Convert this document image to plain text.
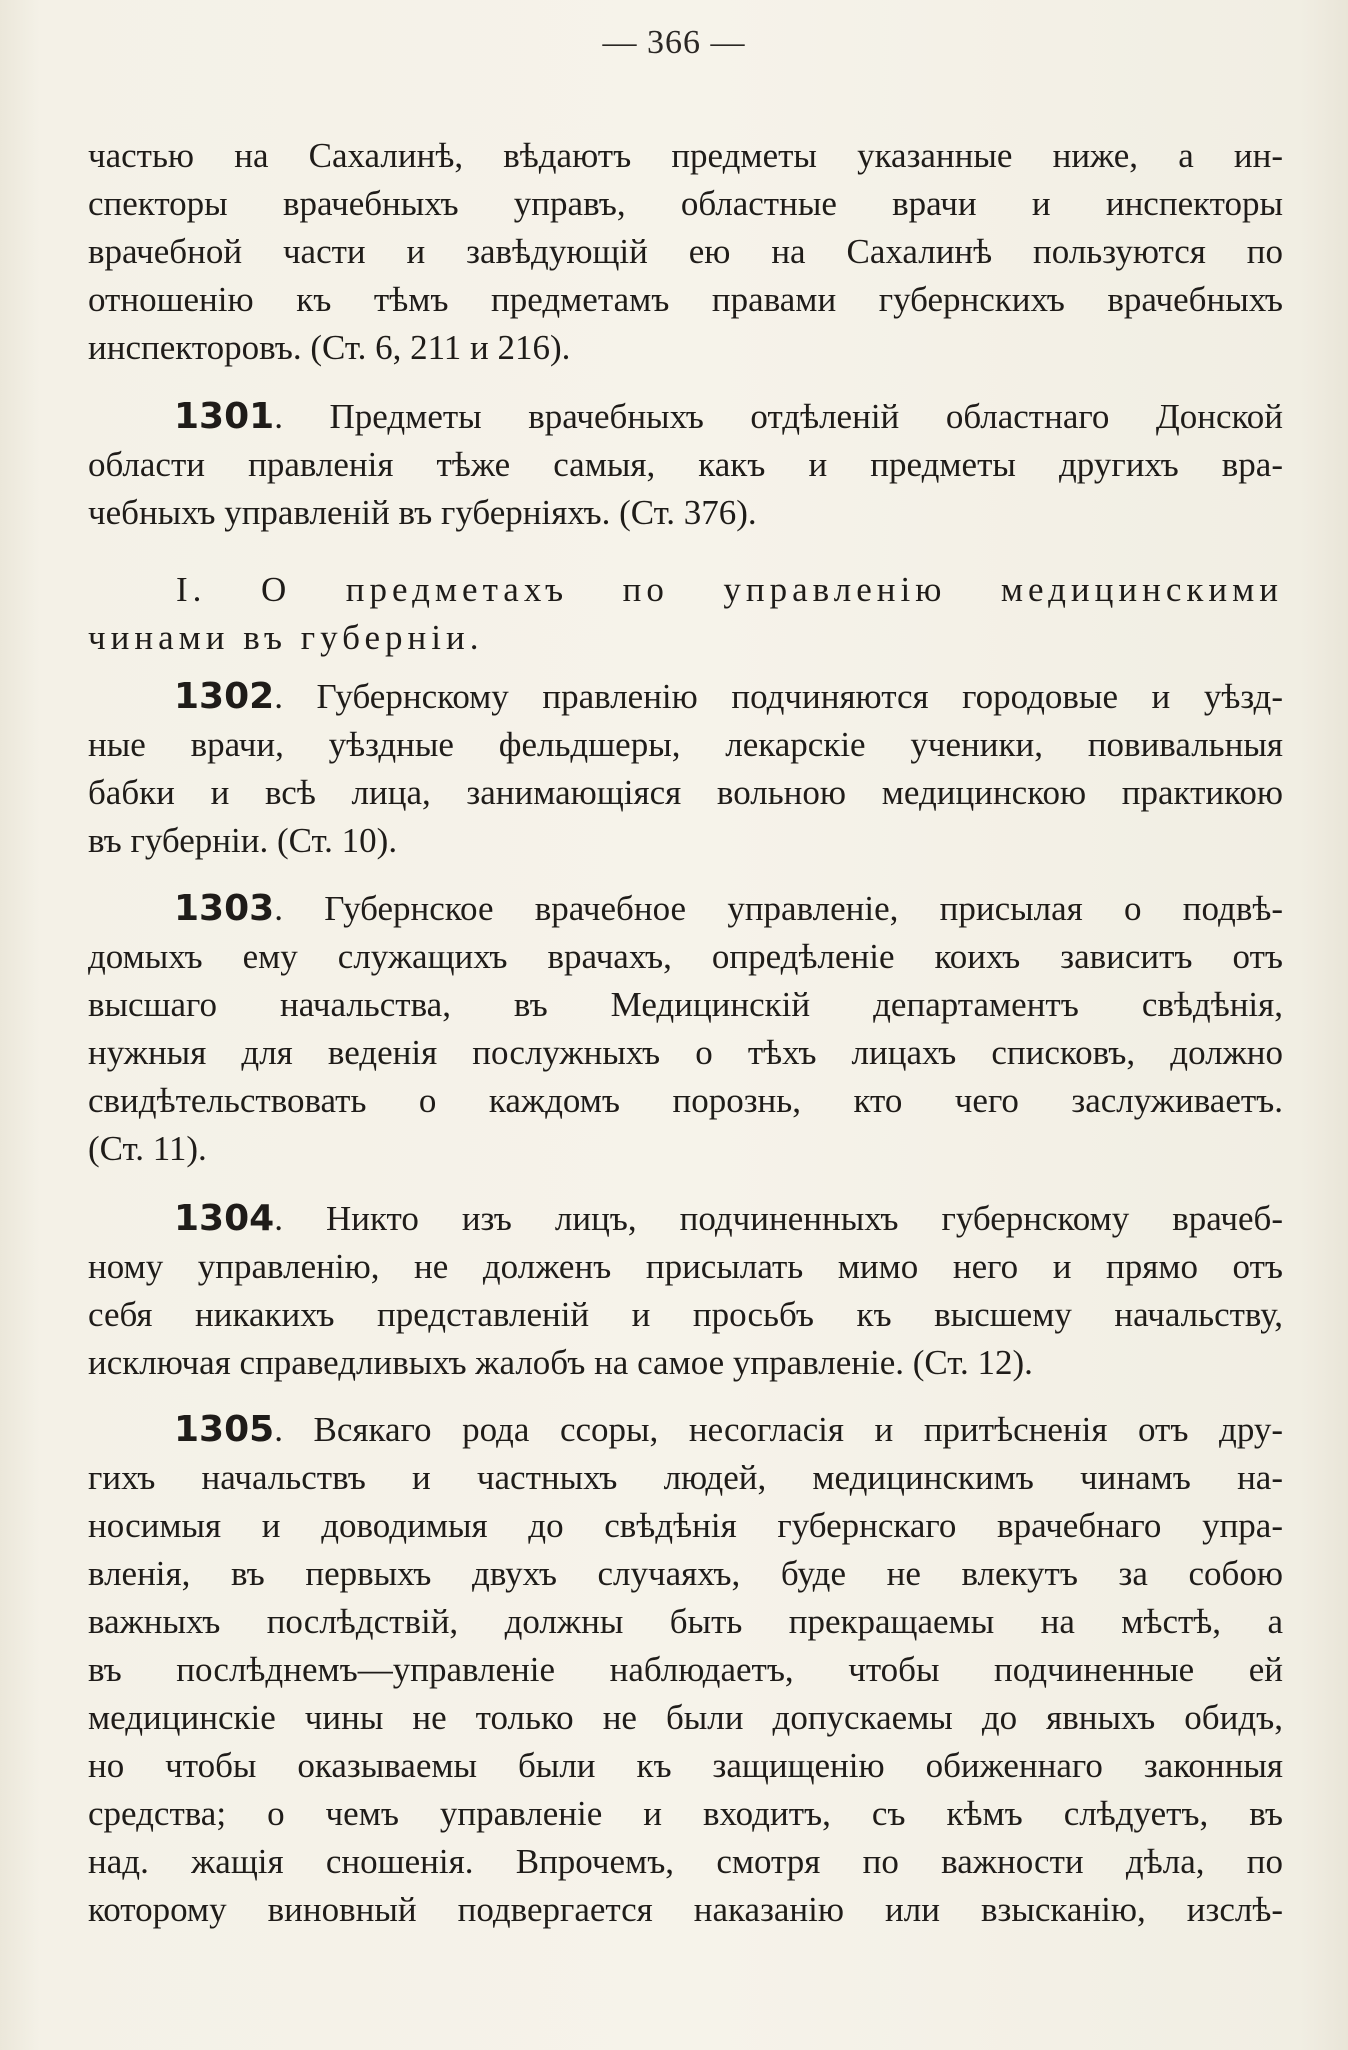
— 366 —
частью на Сахалинѣ, вѣдаютъ предметы указанные ниже, а ин-
спекторы врачебныхъ управъ, областные врачи и инспекторы
врачебной части и завѣдующій ею на Сахалинѣ пользуются по
отношенію къ тѣмъ предметамъ правами губернскихъ врачебныхъ
инспекторовъ. (Ст. 6, 211 и 216).
1301. Предметы врачебныхъ отдѣленій областнаго Донской
области правленія тѣже самыя, какъ и предметы другихъ вра-
чебныхъ управленій въ губерніяхъ. (Ст. 376).
I. О предметахъ по управленію медицинскими
чинами въ губерніи.
1302. Губернскому правленію подчиняются городовые и уѣзд-
ные врачи, уѣздные фельдшеры, лекарскіе ученики, повивальныя
бабки и всѣ лица, занимающіяся вольною медицинскою практикою
въ губерніи. (Ст. 10).
1303. Губернское врачебное управленіе, присылая о подвѣ-
домыхъ ему служащихъ врачахъ, опредѣленіе коихъ зависитъ отъ
высшаго начальства, въ Медицинскій департаментъ свѣдѣнія,
нужныя для веденія послужныхъ о тѣхъ лицахъ списковъ, должно
свидѣтельствовать о каждомъ порознь, кто чего заслуживаетъ.
(Ст. 11).
1304. Никто изъ лицъ, подчиненныхъ губернскому врачеб-
ному управленію, не долженъ присылать мимо него и прямо отъ
себя никакихъ представленій и просьбъ къ высшему начальству,
исключая справедливыхъ жалобъ на самое управленіе. (Ст. 12).
1305. Всякаго рода ссоры, несогласія и притѣсненія отъ дру-
гихъ начальствъ и частныхъ людей, медицинскимъ чинамъ на-
носимыя и доводимыя до свѣдѣнія губернскаго врачебнаго упра-
вленія, въ первыхъ двухъ случаяхъ, буде не влекутъ за собою
важныхъ послѣдствій, должны быть прекращаемы на мѣстѣ, а
въ послѣднемъ—управленіе наблюдаетъ, чтобы подчиненные ей
медицинскіе чины не только не были допускаемы до явныхъ обидъ,
но чтобы оказываемы были къ защищенію обиженнаго законныя
средства; о чемъ управленіе и входитъ, съ кѣмъ слѣдуетъ, въ
над. жащія сношенія. Впрочемъ, смотря по важности дѣла, по
которому виновный подвергается наказанію или взысканію, изслѣ-
